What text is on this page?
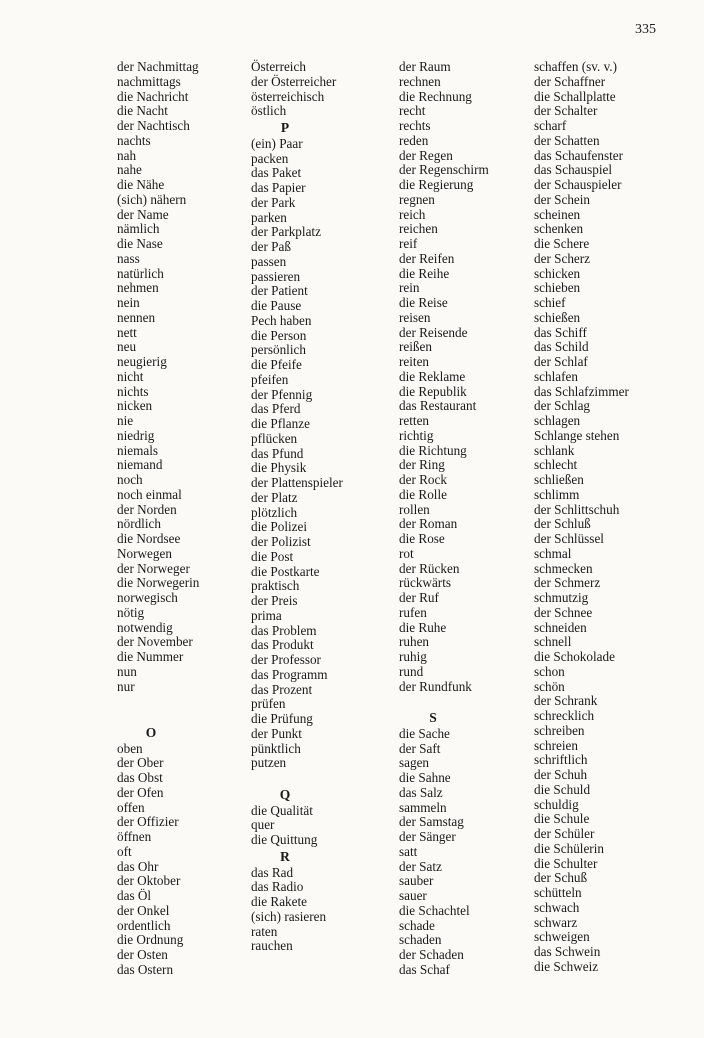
335
der Nachmittag
nachmittags
die Nachricht
die Nacht
der Nachtisch
nachts
nah
nahe
die Nähe
(sich) nähern
der Name
nämlich
die Nase
nass
natürlich
nehmen
nein
nennen
nett
neu
neugierig
nicht
nichts
nicken
nie
niedrig
niemals
niemand
noch
noch einmal
der Norden
nördlich
die Nordsee
Norwegen
der Norweger
die Norwegerin
norwegisch
nötig
notwendig
der November
die Nummer
nun
nur
O
oben
der Ober
das Obst
der Ofen
offen
der Offizier
öffnen
oft
das Ohr
der Oktober
das Öl
der Onkel
ordentlich
die Ordnung
der Osten
das Ostern
Österreich
der Österreicher
österreichisch
östlich
P
(ein) Paar
packen
das Paket
das Papier
der Park
parken
der Parkplatz
der Paß
passen
passieren
der Patient
die Pause
Pech haben
die Person
persönlich
die Pfeife
pfeifen
der Pfennig
das Pferd
die Pflanze
pflücken
das Pfund
die Physik
der Plattenspieler
der Platz
plötzlich
die Polizei
der Polizist
die Post
die Postkarte
praktisch
der Preis
prima
das Problem
das Produkt
der Professor
das Programm
das Prozent
prüfen
die Prüfung
der Punkt
pünktlich
putzen
Q
die Qualität
quer
die Quittung
R
das Rad
das Radio
die Rakete
(sich) rasieren
raten
rauchen
der Raum
rechnen
die Rechnung
recht
rechts
reden
der Regen
der Regenschirm
die Regierung
regnen
reich
reichen
reif
der Reifen
die Reihe
rein
die Reise
reisen
der Reisende
reißen
reiten
die Reklame
die Republik
das Restaurant
retten
richtig
die Richtung
der Ring
der Rock
die Rolle
rollen
der Roman
die Rose
rot
der Rücken
rückwärts
der Ruf
rufen
die Ruhe
ruhen
ruhig
rund
der Rundfunk
S
die Sache
der Saft
sagen
die Sahne
das Salz
sammeln
der Samstag
der Sänger
satt
der Satz
sauber
sauer
die Schachtel
schade
schaden
der Schaden
das Schaf
schaffen (sv. v.)
der Schaffner
die Schallplatte
der Schalter
scharf
der Schatten
das Schaufenster
das Schauspiel
der Schauspieler
der Schein
scheinen
schenken
die Schere
der Scherz
schicken
schieben
schief
schießen
das Schiff
das Schild
der Schlaf
schlafen
das Schlafzimmer
der Schlag
schlagen
Schlange stehen
schlank
schlecht
schließen
schlimm
der Schlittschuh
der Schluß
der Schlüssel
schmal
schmecken
der Schmerz
schmutzig
der Schnee
schneiden
schnell
die Schokolade
schon
schön
der Schrank
schrecklich
schreiben
schreien
schriftlich
der Schuh
die Schuld
schuldig
die Schule
der Schüler
die Schülerin
die Schulter
der Schuß
schütteln
schwach
schwarz
schweigen
das Schwein
die Schweiz
